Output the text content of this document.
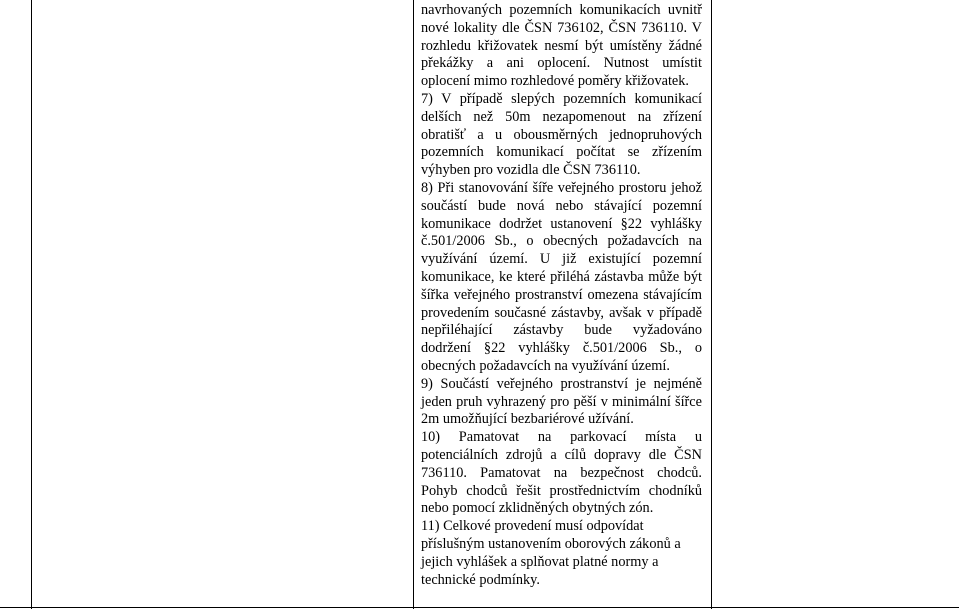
navrhovaných pozemních komunikacích uvnitř nové lokality dle ČSN 736102, ČSN 736110. V rozhledu křižovatek nesmí být umístěny žádné překážky a ani oplocení. Nutnost umístit oplocení mimo rozhledové poměry křižovatek.

7) V případě slepých pozemních komunikací delších než 50m nezapomenout na zřízení obratišť a u obousměrných jednopruhových pozemních komunikací počítat se zřízením výhyben pro vozidla dle ČSN 736110.

8) Při stanovování šíře veřejného prostoru jehož součástí bude nová nebo stávající pozemní komunikace dodržet ustanovení §22 vyhlášky č.501/2006 Sb., o obecných požadavcích na využívání území. U již existující pozemní komunikace, ke které přiléhá zástavba může být šířka veřejného prostranství omezena stávajícím provedením současné zástavby, avšak v případě nepřiléhající zástavby bude vyžadováno dodržení §22 vyhlášky č.501/2006 Sb., o obecných požadavcích na využívání území.

9) Součástí veřejného prostranství je nejméně jeden pruh vyhrazený pro pěší v minimální šířce 2m umožňující bezbariérové užívání.

10) Pamatovat na parkovací místa u potenciálních zdrojů a cílů dopravy dle ČSN 736110. Pamatovat na bezpečnost chodců. Pohyb chodců řešit prostřednictvím chodníků nebo pomocí zklidněných obytných zón.

11) Celkové provedení musí odpovídat příslušným ustanovením oborových zákonů a jejich vyhlášek a splňovat platné normy a technické podmínky.
